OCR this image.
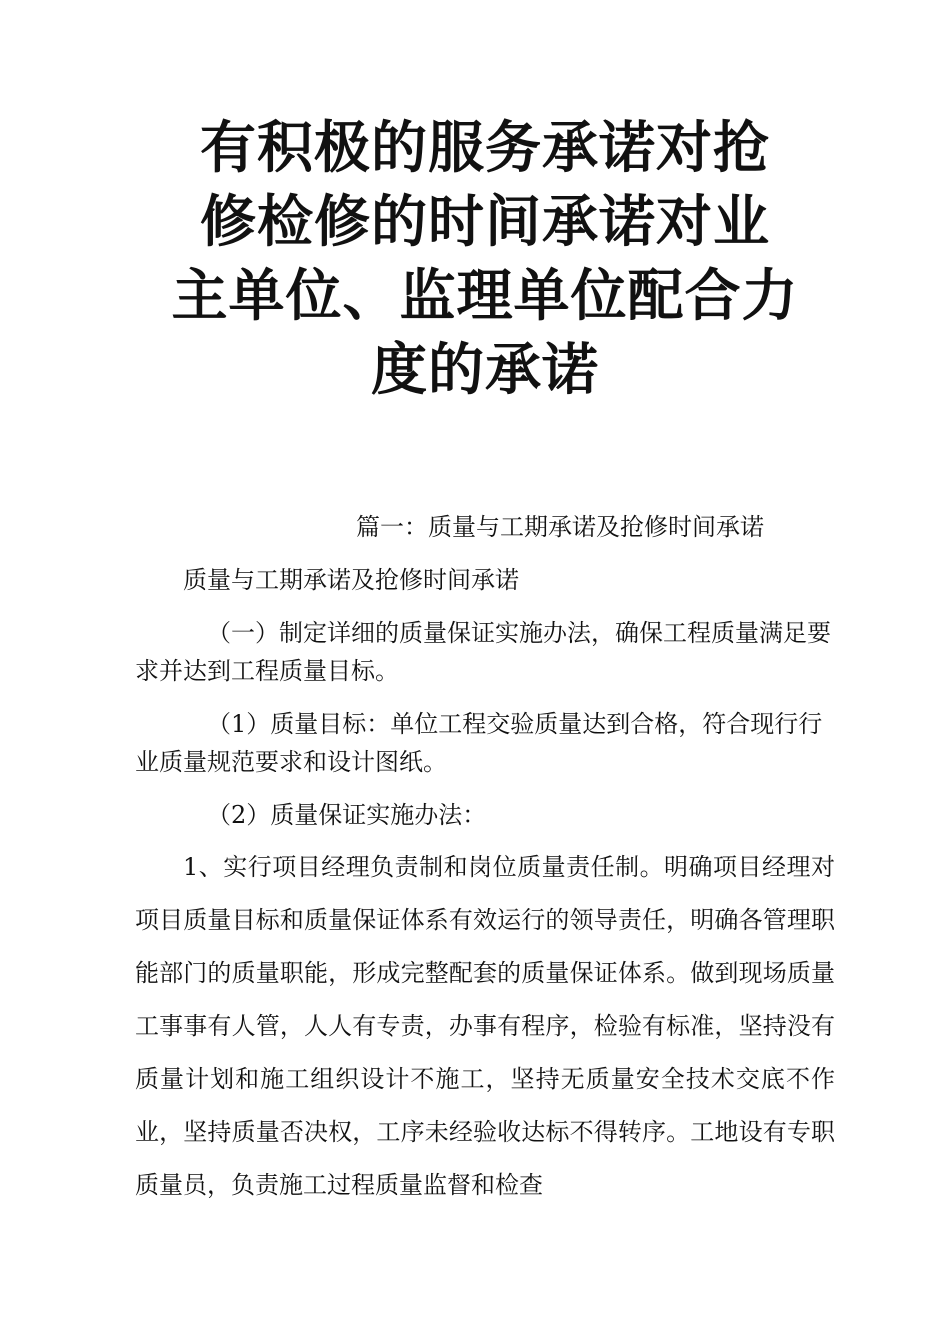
有积极的服务承诺对抢
修检修的时间承诺对业
主单位、监理单位配合力
度的承诺

篇一：质量与工期承诺及抢修时间承诺

质量与工期承诺及抢修时间承诺

（一）制定详细的质量保证实施办法，确保工程质量满足要求并达到工程质量目标。

（1）质量目标：单位工程交验质量达到合格，符合现行行业质量规范要求和设计图纸。

（2）质量保证实施办法：

1、实行项目经理负责制和岗位质量责任制。明确项目经理对项目质量目标和质量保证体系有效运行的领导责任，明确各管理职能部门的质量职能，形成完整配套的质量保证体系。做到现场质量工事事有人管，人人有专责，办事有程序，检验有标准，坚持没有质量计划和施工组织设计不施工，坚持无质量安全技术交底不作业，坚持质量否决权，工序未经验收达标不得转序。工地设有专职质量员，负责施工过程质量监督和检查
